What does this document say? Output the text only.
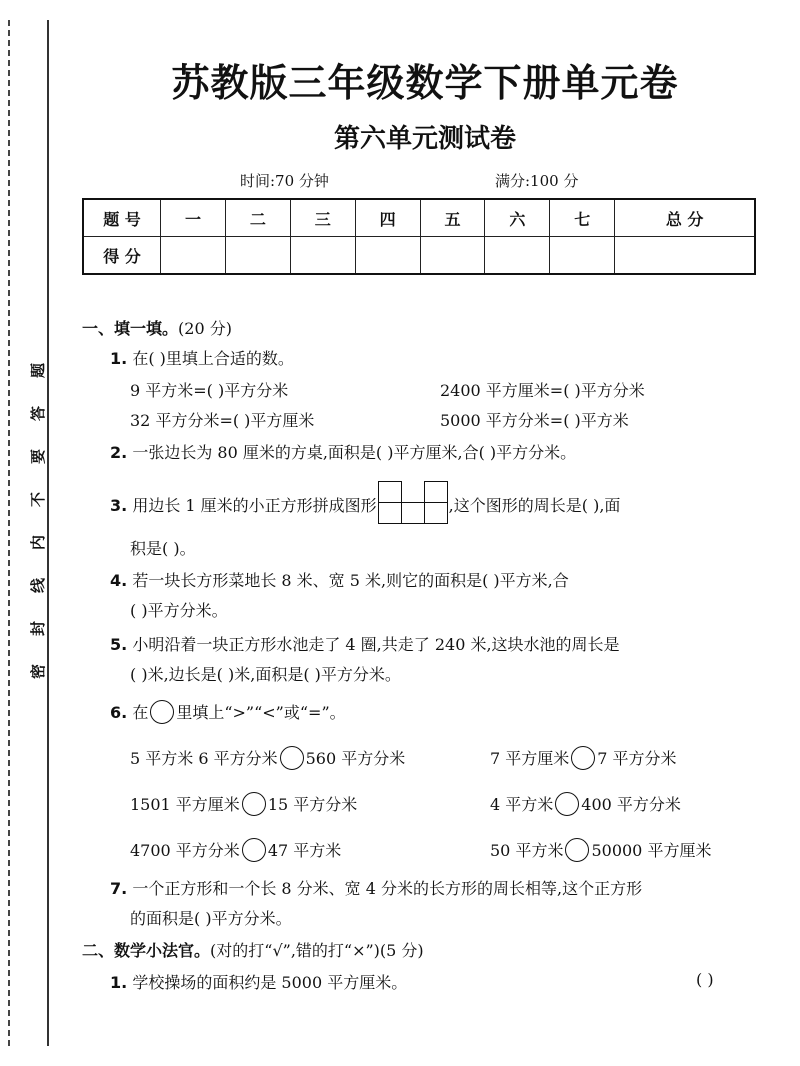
题
答
要
不
内
线
封
密
苏教版三年级数学下册单元卷
第六单元测试卷
时间:70 分钟	满分:100 分
题 号	一	二	三	四	五	六	七	总 分
得 分								
一、填一填。(20 分)
1. 在( )里填上合适的数。
9 平方米=( )平方分米	2400 平方厘米=( )平方分米
32 平方分米=( )平方厘米	5000 平方分米=( )平方米
2. 一张边长为 80 厘米的方桌,面积是( )平方厘米,合( )平方分米。
3. 用边长 1 厘米的小正方形拼成图形		
			,这个图形的周长是( ),面
积是( )。
4. 若一块长方形菜地长 8 米、宽 5 米,则它的面积是( )平方米,合
( )平方分米。
5. 小明沿着一块正方形水池走了 4 圈,共走了 240 米,这块水池的周长是
( )米,边长是( )米,面积是( )平方分米。
6. 在 里填上“>”“<”或“=”。
5 平方米 6 平方分米 560 平方分米	7 平方厘米 7 平方分米
1501 平方厘米 15 平方分米	4 平方米 400 平方分米
4700 平方分米 47 平方米	50 平方米 50000 平方厘米
7. 一个正方形和一个长 8 分米、宽 4 分米的长方形的周长相等,这个正方形
的面积是( )平方分米。
二、数学小法官。(对的打“√”,错的打“×”)(5 分)
1. 学校操场的面积约是 5000 平方厘米。	( )
